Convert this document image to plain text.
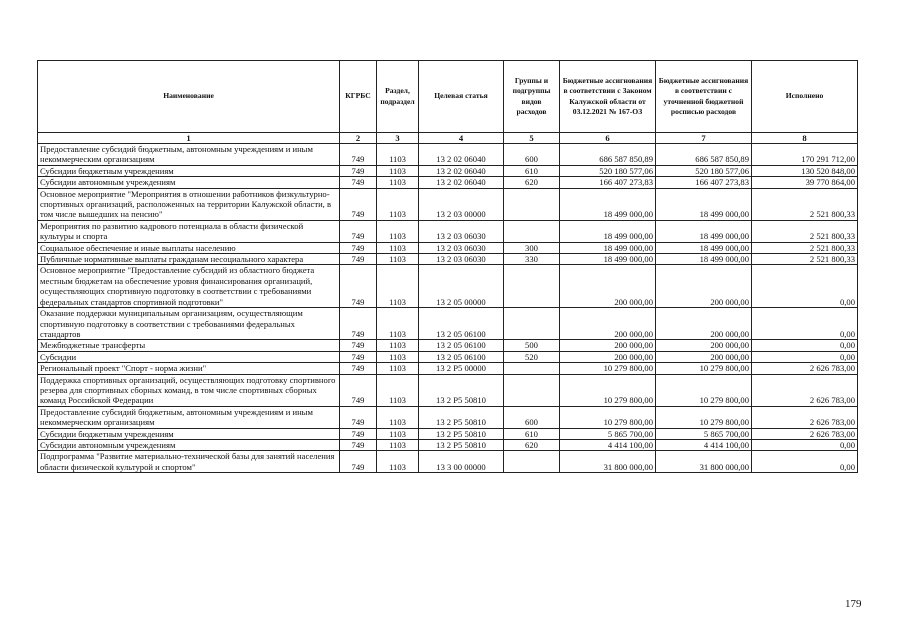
Наименование	КГРБС	Раздел, подраздел	Целевая статья	Группы и подгруппы видов расходов	Бюджетные ассигнования в соответствии с Законом Калужской области от 03.12.2021 № 167-ОЗ	Бюджетные ассигнования в соответствии с уточненной бюджетной росписью расходов	Исполнено
1	2	3	4	5	6	7	8
Предоставление субсидий бюджетным, автономным учреждениям и иным некоммерческим организациям	749	1103	13 2 02 06040	600	686 587 850,89	686 587 850,89	170 291 712,00
Субсидии бюджетным учреждениям	749	1103	13 2 02 06040	610	520 180 577,06	520 180 577,06	130 520 848,00
Субсидии автономным учреждениям	749	1103	13 2 02 06040	620	166 407 273,83	166 407 273,83	39 770 864,00
Основное мероприятие "Мероприятия в отношении работников физкультурно-спортивных организаций, расположенных на территории Калужской области, в том числе вышедших на пенсию"	749	1103	13 2 03 00000		18 499 000,00	18 499 000,00	2 521 800,33
Мероприятия по развитию кадрового потенциала в области физической культуры и спорта	749	1103	13 2 03 06030		18 499 000,00	18 499 000,00	2 521 800,33
Социальное обеспечение и иные выплаты населению	749	1103	13 2 03 06030	300	18 499 000,00	18 499 000,00	2 521 800,33
Публичные нормативные выплаты гражданам несоциального характера	749	1103	13 2 03 06030	330	18 499 000,00	18 499 000,00	2 521 800,33
Основное мероприятие "Предоставление субсидий из областного бюджета местным бюджетам на обеспечение уровня финансирования организаций, осуществляющих спортивную подготовку в соответствии с требованиями федеральных стандартов спортивной подготовки"	749	1103	13 2 05 00000		200 000,00	200 000,00	0,00
Оказание поддержки муниципальным организациям, осуществляющим спортивную подготовку в соответствии с требованиями федеральных стандартов	749	1103	13 2 05 06100		200 000,00	200 000,00	0,00
Межбюджетные трансферты	749	1103	13 2 05 06100	500	200 000,00	200 000,00	0,00
Субсидии	749	1103	13 2 05 06100	520	200 000,00	200 000,00	0,00
Региональный проект "Спорт - норма жизни"	749	1103	13 2 P5 00000		10 279 800,00	10 279 800,00	2 626 783,00
Поддержка спортивных организаций, осуществляющих подготовку спортивного резерва для спортивных сборных команд, в том числе спортивных сборных команд Российской Федерации	749	1103	13 2 P5 50810		10 279 800,00	10 279 800,00	2 626 783,00
Предоставление субсидий бюджетным, автономным учреждениям и иным некоммерческим организациям	749	1103	13 2 P5 50810	600	10 279 800,00	10 279 800,00	2 626 783,00
Субсидии бюджетным учреждениям	749	1103	13 2 P5 50810	610	5 865 700,00	5 865 700,00	2 626 783,00
Субсидии автономным учреждениям	749	1103	13 2 P5 50810	620	4 414 100,00	4 414 100,00	0,00
Подпрограмма "Развитие материально-технической базы для занятий населения области физической культурой и спортом"	749	1103	13 3 00 00000		31 800 000,00	31 800 000,00	0,00
179
